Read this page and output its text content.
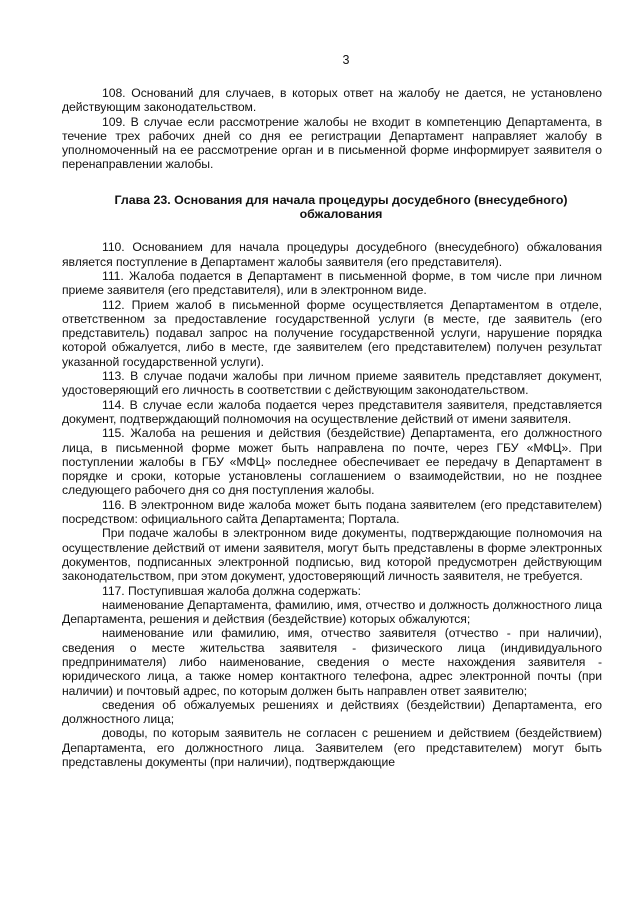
3

108. Оснований для случаев, в которых ответ на жалобу не дается, не установлено действующим законодательством.

109. В случае если рассмотрение жалобы не входит в компетенцию Департамента, в течение трех рабочих дней со дня ее регистрации Департамент направляет жалобу в уполномоченный на ее рассмотрение орган и в письменной форме информирует заявителя о перенаправлении жалобы.

Глава 23. Основания для начала процедуры досудебного (внесудебного) обжалования

110. Основанием для начала процедуры досудебного (внесудебного) обжалования является поступление в Департамент жалобы заявителя (его представителя).

111. Жалоба подается в Департамент в письменной форме, в том числе при личном приеме заявителя (его представителя), или в электронном виде.

112. Прием жалоб в письменной форме осуществляется Департаментом в отделе, ответственном за предоставление государственной услуги (в месте, где заявитель (его представитель) подавал запрос на получение государственной услуги, нарушение порядка которой обжалуется, либо в месте, где заявителем (его представителем) получен результат указанной государственной услуги).

113. В случае подачи жалобы при личном приеме заявитель представляет документ, удостоверяющий его личность в соответствии с действующим законодательством.

114. В случае если жалоба подается через представителя заявителя, представляется документ, подтверждающий полномочия на осуществление действий от имени заявителя.

115. Жалоба на решения и действия (бездействие) Департамента, его должностного лица, в письменной форме может быть направлена по почте, через ГБУ «МФЦ». При поступлении жалобы в ГБУ «МФЦ» последнее обеспечивает ее передачу в Департамент в порядке и сроки, которые установлены соглашением о взаимодействии, но не позднее следующего рабочего дня со дня поступления жалобы.

116. В электронном виде жалоба может быть подана заявителем (его представителем) посредством: официального сайта Департамента; Портала.

При подаче жалобы в электронном виде документы, подтверждающие полномочия на осуществление действий от имени заявителя, могут быть представлены в форме электронных документов, подписанных электронной подписью, вид которой предусмотрен действующим законодательством, при этом документ, удостоверяющий личность заявителя, не требуется.

117. Поступившая жалоба должна содержать:

наименование Департамента, фамилию, имя, отчество и должность должностного лица Департамента, решения и действия (бездействие) которых обжалуются;

наименование или фамилию, имя, отчество заявителя (отчество - при наличии), сведения о месте жительства заявителя - физического лица (индивидуального предпринимателя) либо наименование, сведения о месте нахождения заявителя - юридического лица, а также номер контактного телефона, адрес электронной почты (при наличии) и почтовый адрес, по которым должен быть направлен ответ заявителю;

сведения об обжалуемых решениях и действиях (бездействии) Департамента, его должностного лица;

доводы, по которым заявитель не согласен с решением и действием (бездействием) Департамента, его должностного лица. Заявителем (его представителем) могут быть представлены документы (при наличии), подтверждающие
